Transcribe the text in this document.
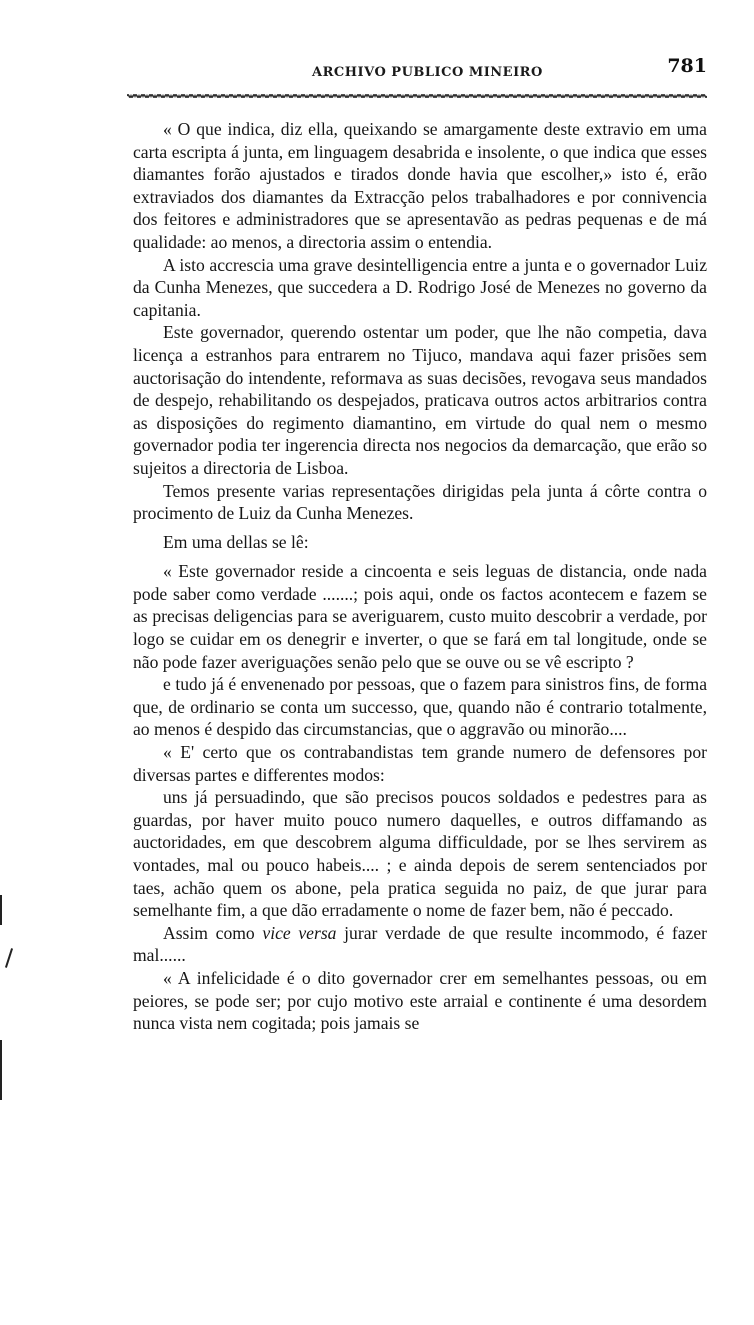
ARCHIVO PUBLICO MINEIRO	781

« O que indica, diz ella, queixando se amargamente deste extravio em uma carta escripta á junta, em linguagem desabrida e insolente, o que indica que esses diamantes forão ajustados e tirados donde havia que escolher,» isto é, erão extraviados dos diamantes da Extracção pelos trabalhadores e por connivencia dos feitores e administradores que se apresentavão as pedras pequenas e de má qualidade: ao menos, a directoria assim o entendia.

A isto accrescia uma grave desintelligencia entre a junta e o governador Luiz da Cunha Menezes, que succedera a D. Rodrigo José de Menezes no governo da capitania.

Este governador, querendo ostentar um poder, que lhe não competia, dava licença a estranhos para entrarem no Tijuco, mandava aqui fazer prisões sem auctorisação do intendente, reformava as suas decisões, revogava seus mandados de despejo, rehabilitando os despejados, praticava outros actos arbitrarios contra as disposições do regimento diamantino, em virtude do qual nem o mesmo governador podia ter ingerencia directa nos negocios da demarcação, que erão so sujeitos a directoria de Lisboa.

Temos presente varias representações dirigidas pela junta á côrte contra o procimento de Luiz da Cunha Menezes.

Em uma dellas se lê:

« Este governador reside a cincoenta e seis leguas de distancia, onde nada pode saber como verdade .......; pois aqui, onde os factos acontecem e fazem se as precisas deligencias para se averiguarem, custo muito descobrir a verdade, por logo se cuidar em os denegrir e inverter, o que se fará em tal longitude, onde se não pode fazer averiguações senão pelo que se ouve ou se vê escripto ?

e tudo já é envenenado por pessoas, que o fazem para sinistros fins, de forma que, de ordinario se conta um successo, que, quando não é contrario totalmente, ao menos é despido das circumstancias, que o aggravão ou minorão....

« E' certo que os contrabandistas tem grande numero de defensores por diversas partes e differentes modos:

uns já persuadindo, que são precisos poucos soldados e pedestres para as guardas, por haver muito pouco numero daquelles, e outros diffamando as auctoridades, em que descobrem alguma difficuldade, por se lhes servirem as vontades, mal ou pouco habeis.... ; e ainda depois de serem sentenciados por taes, achão quem os abone, pela pratica seguida no paiz, de que jurar para semelhante fim, a que dão erradamente o nome de fazer bem, não é peccado.

Assim como vice versa jurar verdade de que resulte incommodo, é fazer mal......

« A infelicidade é o dito governador crer em semelhantes pessoas, ou em peiores, se pode ser; por cujo motivo este arraial e continente é uma desordem nunca vista nem cogitada; pois jamais se
